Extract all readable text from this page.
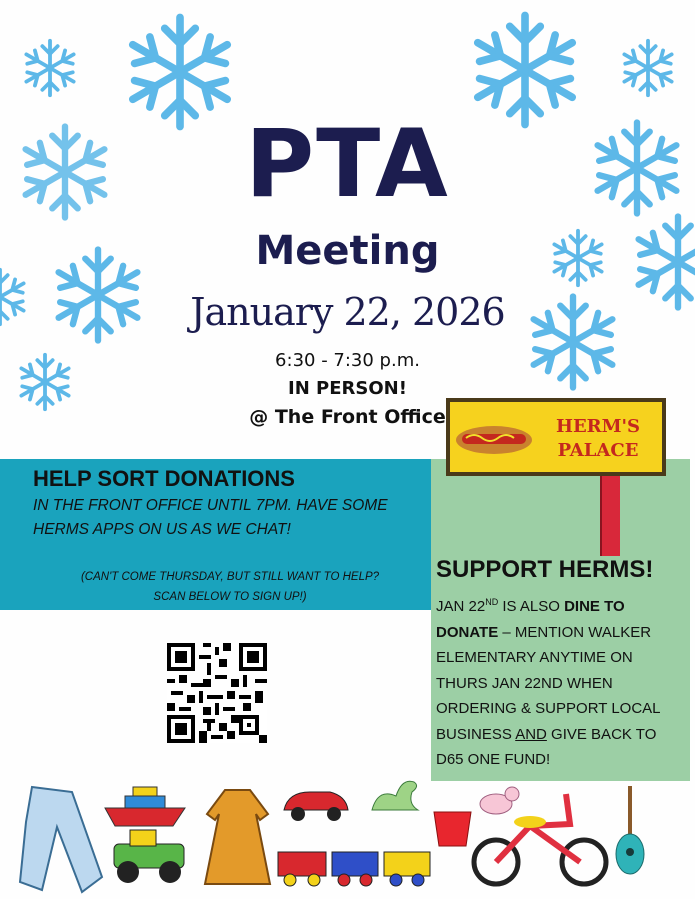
PTA
Meeting
January 22, 2026
6:30 - 7:30 p.m.
IN PERSON!
@ The Front Office
HELP SORT DONATIONS
IN THE FRONT OFFICE UNTIL 7PM. HAVE SOME HERMS APPS ON US AS WE CHAT!
(CAN'T COME THURSDAY, BUT STILL WANT TO HELP?
SCAN BELOW TO SIGN UP!)
HERM'S
PALACE
SUPPORT HERMS!
JAN 22ND IS ALSO DINE TO DONATE – MENTION WALKER ELEMENTARY ANYTIME ON THURS JAN 22ND WHEN ORDERING & SUPPORT LOCAL BUSINESS AND GIVE BACK TO D65 ONE FUND!
